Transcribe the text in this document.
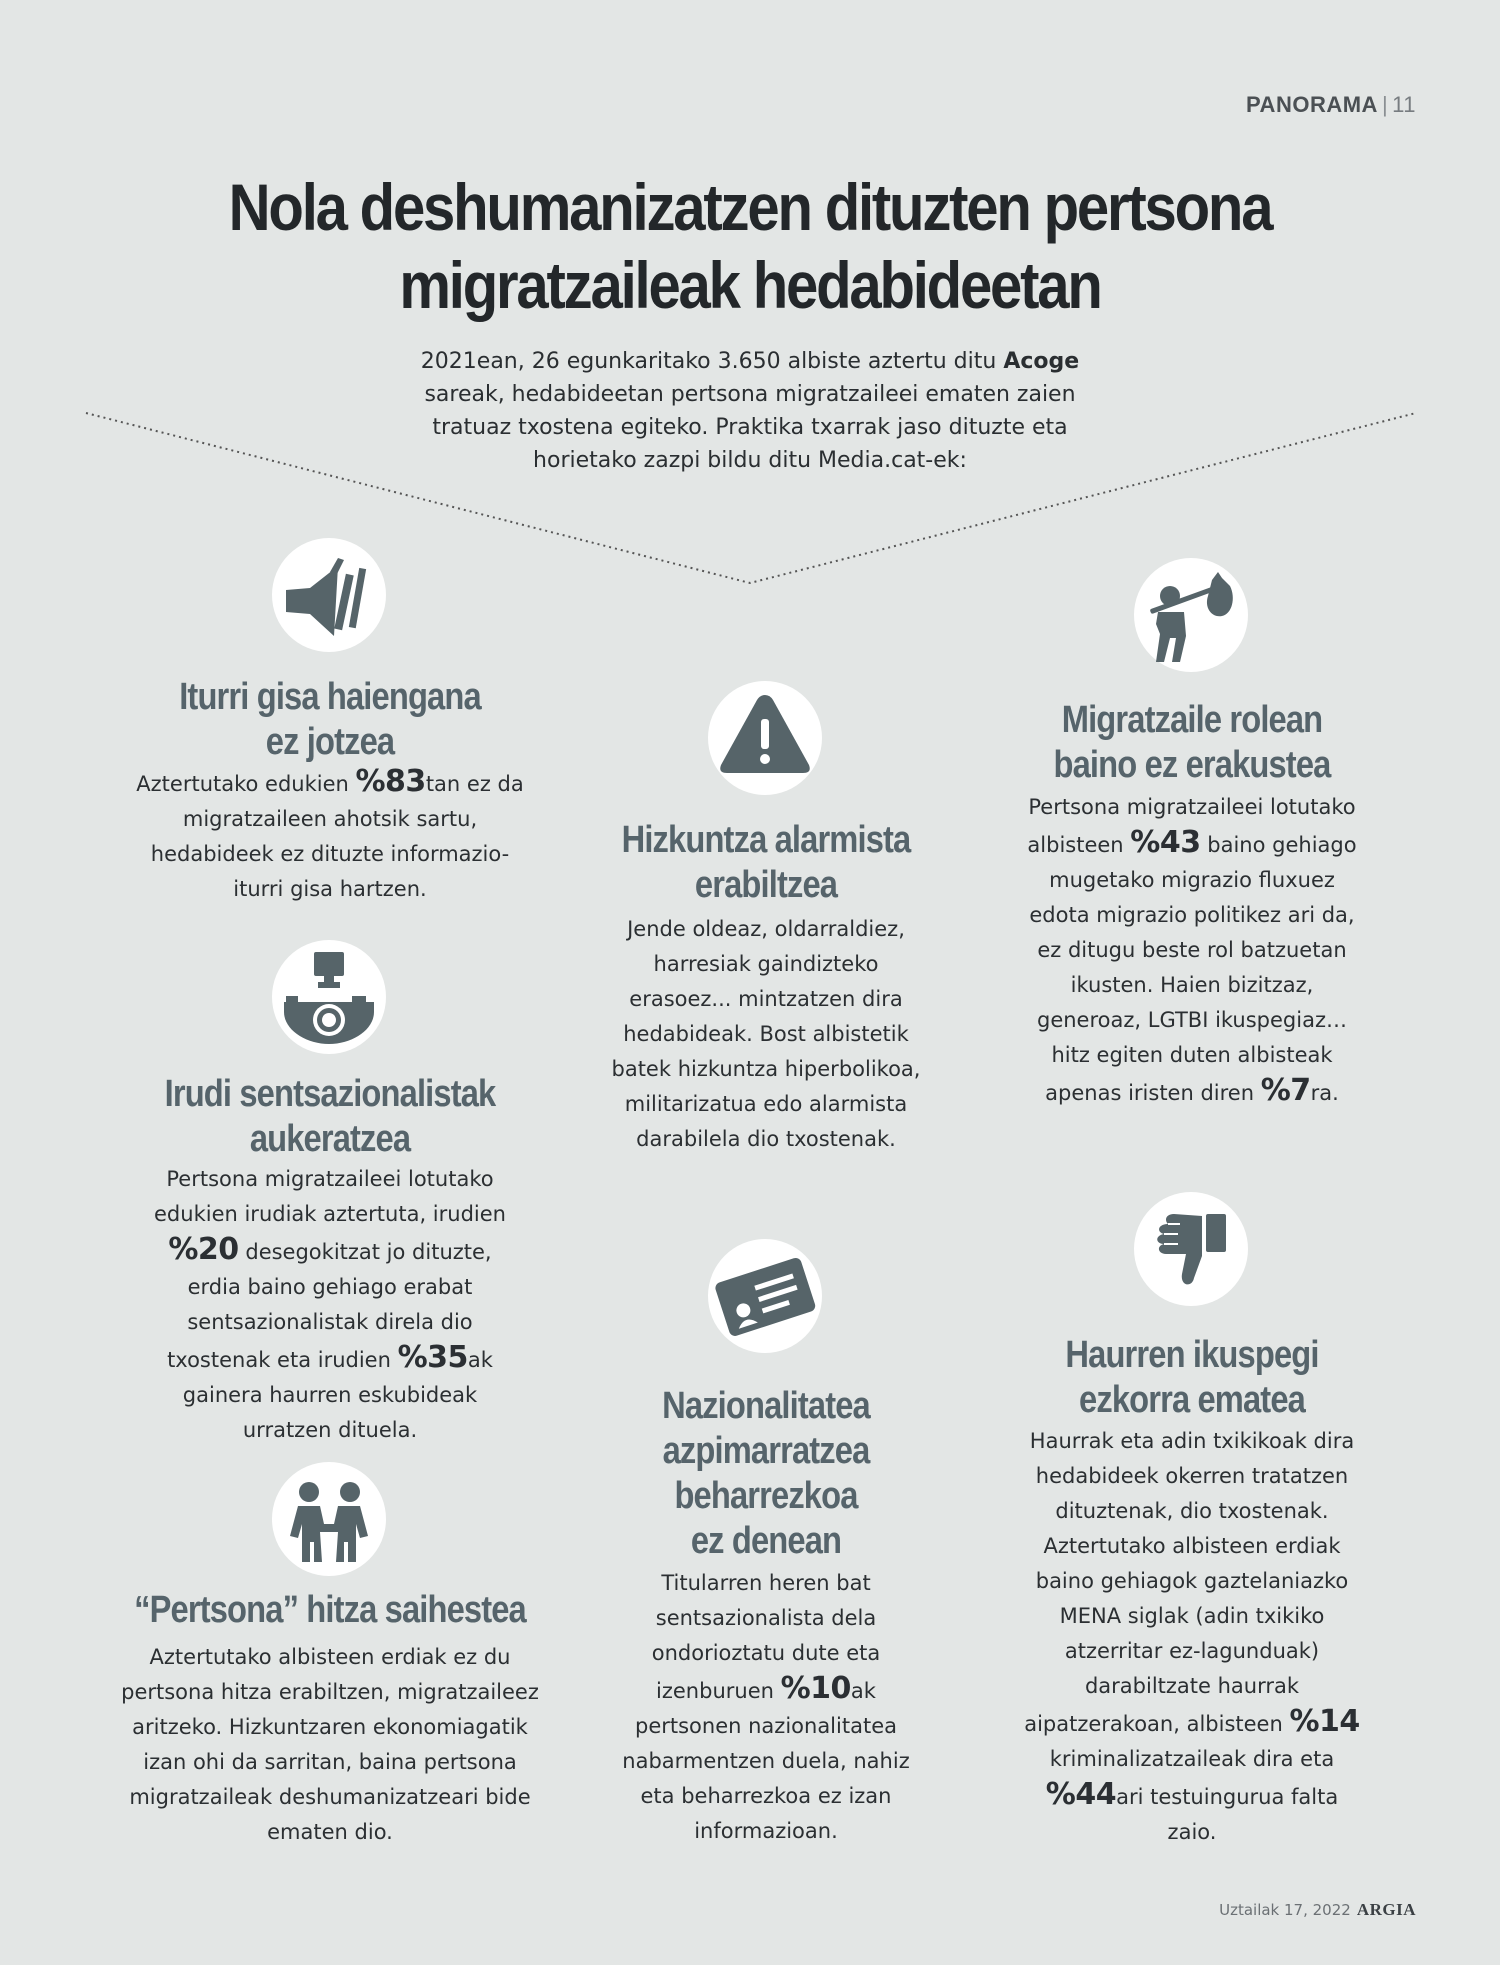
PANORAMA | 11
Nola deshumanizatzen dituzten pertsona
migratzaileak hedabideetan
2021ean, 26 egunkaritako 3.650 albiste aztertu ditu Acoge sareak, hedabideetan pertsona migratzaileei ematen zaien tratuaz txostena egiteko. Praktika txarrak jaso dituzte eta horietako zazpi bildu ditu Media.cat-ek:
Iturri gisa haiengana
ez jotzea
Aztertutako edukien %83tan ez da migratzaileen ahotsik sartu, hedabideek ez dituzte informazio-iturri gisa hartzen.
Irudi sentsazionalistak
aukeratzea
Pertsona migratzaileei lotutako edukien irudiak aztertuta, irudien %20 desegokitzat jo dituzte, erdia baino gehiago erabat sentsazionalistak direla dio txostenak eta irudien %35ak gainera haurren eskubideak urratzen dituela.
“Pertsona” hitza saihestea
Aztertutako albisteen erdiak ez du pertsona hitza erabiltzen, migratzaileez aritzeko. Hizkuntzaren ekonomiagatik izan ohi da sarritan, baina pertsona migratzaileak deshumanizatzeari bide ematen dio.
Hizkuntza alarmista
erabiltzea
Jende oldeaz, oldarraldiez, harresiak gaindizteko erasoez... mintzatzen dira hedabideak. Bost albistetik batek hizkuntza hiperbolikoa, militarizatua edo alarmista darabilela dio txostenak.
Nazionalitatea
azpimarratzea
beharrezkoa
ez denean
Titularren heren bat sentsazionalista dela ondorioztatu dute eta izenburuen %10ak pertsonen nazionalitatea nabarmentzen duela, nahiz eta beharrezkoa ez izan informazioan.
Migratzaile rolean
baino ez erakustea
Pertsona migratzaileei lotutako albisteen %43 baino gehiago mugetako migrazio fluxuez edota migrazio politikez ari da, ez ditugu beste rol batzuetan ikusten. Haien bizitzaz, generoaz, LGTBI ikuspegiaz… hitz egiten duten albisteak apenas iristen diren %7ra.
Haurren ikuspegi
ezkorra ematea
Haurrak eta adin txikikoak dira hedabideek okerren tratatzen dituztenak, dio txostenak. Aztertutako albisteen erdiak baino gehiagok gaztelaniazko MENA siglak (adin txikiko atzerritar ez-lagunduak) darabiltzate haurrak aipatzerakoan, albisteen %14 kriminalizatzaileak dira eta %44ari testuingurua falta zaio.
Uztailak 17, 2022 ARGIA
